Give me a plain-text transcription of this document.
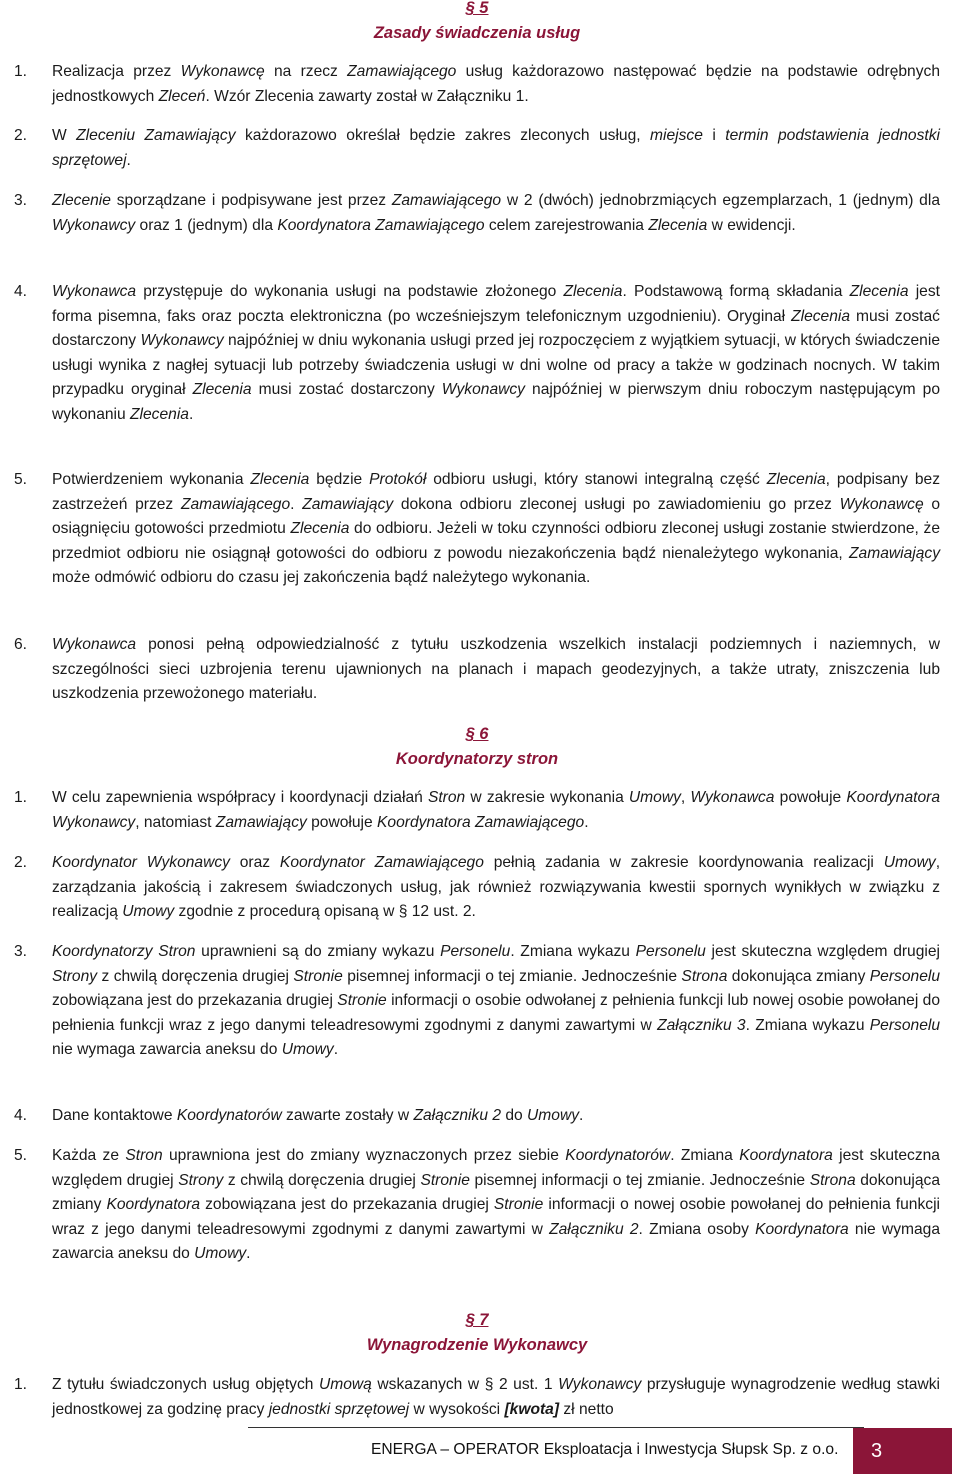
§ 5
Zasady świadczenia usług

1. Realizacja przez Wykonawcę na rzecz Zamawiającego usług każdorazowo następować będzie na podstawie odrębnych jednostkowych Zleceń. Wzór Zlecenia zawarty został w Załączniku 1.

2. W Zleceniu Zamawiający każdorazowo określał będzie zakres zleconych usług, miejsce i termin podstawienia jednostki sprzętowej.

3. Zlecenie sporządzane i podpisywane jest przez Zamawiającego w 2 (dwóch) jednobrzmiących egzemplarzach, 1 (jednym) dla Wykonawcy oraz 1 (jednym) dla Koordynatora Zamawiającego celem zarejestrowania Zlecenia w ewidencji.

4. Wykonawca przystępuje do wykonania usługi na podstawie złożonego Zlecenia. Podstawową formą składania Zlecenia jest forma pisemna, faks oraz poczta elektroniczna (po wcześniejszym telefonicznym uzgodnieniu). Oryginał Zlecenia musi zostać dostarczony Wykonawcy najpóźniej w dniu wykonania usługi przed jej rozpoczęciem z wyjątkiem sytuacji, w których świadczenie usługi wynika z nagłej sytuacji lub potrzeby świadczenia usługi w dni wolne od pracy a także w godzinach nocnych. W takim przypadku oryginał Zlecenia musi zostać dostarczony Wykonawcy najpóźniej w pierwszym dniu roboczym następującym po wykonaniu Zlecenia.

5. Potwierdzeniem wykonania Zlecenia będzie Protokół odbioru usługi, który stanowi integralną część Zlecenia, podpisany bez zastrzeżeń przez Zamawiającego. Zamawiający dokona odbioru zleconej usługi po zawiadomieniu go przez Wykonawcę o osiągnięciu gotowości przedmiotu Zlecenia do odbioru. Jeżeli w toku czynności odbioru zleconej usługi zostanie stwierdzone, że przedmiot odbioru nie osiągnął gotowości do odbioru z powodu niezakończenia bądź nienależytego wykonania, Zamawiający może odmówić odbioru do czasu jej zakończenia bądź należytego wykonania.

6. Wykonawca ponosi pełną odpowiedzialność z tytułu uszkodzenia wszelkich instalacji podziemnych i naziemnych, w szczególności sieci uzbrojenia terenu ujawnionych na planach i mapach geodezyjnych, a także utraty, zniszczenia lub uszkodzenia przewożonego materiału.

§ 6
Koordynatorzy stron

1. W celu zapewnienia współpracy i koordynacji działań Stron w zakresie wykonania Umowy, Wykonawca powołuje Koordynatora Wykonawcy, natomiast Zamawiający powołuje Koordynatora Zamawiającego.

2. Koordynator Wykonawcy oraz Koordynator Zamawiającego pełnią zadania w zakresie koordynowania realizacji Umowy, zarządzania jakością i zakresem świadczonych usług, jak również rozwiązywania kwestii spornych wynikłych w związku z realizacją Umowy zgodnie z procedurą opisaną w § 12 ust. 2.

3. Koordynatorzy Stron uprawnieni są do zmiany wykazu Personelu. Zmiana wykazu Personelu jest skuteczna względem drugiej Strony z chwilą doręczenia drugiej Stronie pisemnej informacji o tej zmianie. Jednocześnie Strona dokonująca zmiany Personelu zobowiązana jest do przekazania drugiej Stronie informacji o osobie odwołanej z pełnienia funkcji lub nowej osobie powołanej do pełnienia funkcji wraz z jego danymi teleadresowymi zgodnymi z danymi zawartymi w Załączniku 3. Zmiana wykazu Personelu nie wymaga zawarcia aneksu do Umowy.

4. Dane kontaktowe Koordynatorów zawarte zostały w Załączniku 2 do Umowy.

5. Każda ze Stron uprawniona jest do zmiany wyznaczonych przez siebie Koordynatorów. Zmiana Koordynatora jest skuteczna względem drugiej Strony z chwilą doręczenia drugiej Stronie pisemnej informacji o tej zmianie. Jednocześnie Strona dokonująca zmiany Koordynatora zobowiązana jest do przekazania drugiej Stronie informacji o nowej osobie powołanej do pełnienia funkcji wraz z jego danymi teleadresowymi zgodnymi z danymi zawartymi w Załączniku 2. Zmiana osoby Koordynatora nie wymaga zawarcia aneksu do Umowy.

§ 7
Wynagrodzenie Wykonawcy

1. Z tytułu świadczonych usług objętych Umową wskazanych w § 2 ust. 1 Wykonawcy przysługuje wynagrodzenie według stawki jednostkowej za godzinę pracy jednostki sprzętowej w wysokości [kwota] zł netto

ENERGA – OPERATOR Eksploatacja i Inwestycja Słupsk Sp. z o.o.	3
